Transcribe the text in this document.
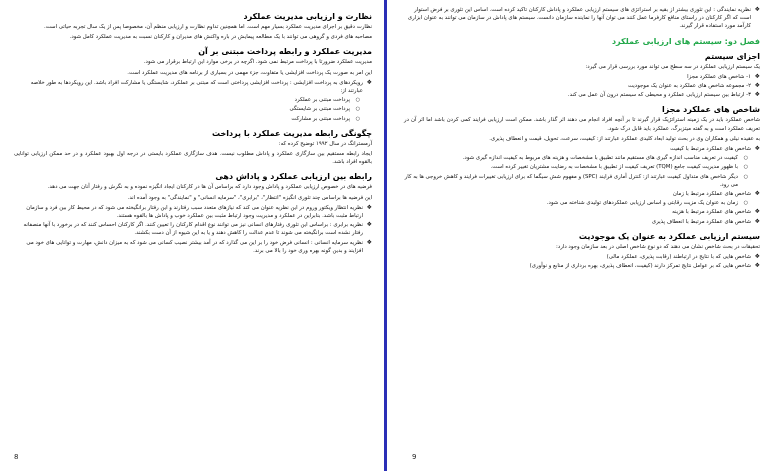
نظارت و ارزیابی مدیریت عملکرد
نظارت دقیق بر اجرای مدیریت عملکرد بسیار مهم است. اما همچنین تداوم نظارت و ارزیابی منظم آن، مخصوصا پس از یک سال تجربه حیاتی است.
مصاحبه های فردی و گروهی می توانند با یک مطالعه پیمایش در باره واکنش های مدیران و کارکنان نسبت به مدیریت عملکرد کامل شود.
مدیریت عملکرد و رابطه پرداخت مبتنی بر آن
مدیریت عملکرد ضرورتا با پرداخت مرتبط نمی شود. اگرچه در برخی موارد این ارتباط برقرار می شود.
این امر به صورت یک پرداخت افزایشی یا متفاوت، جزء مهمی در بسیاری از برنامه های مدیریت عملکرد است.
❖
رویکردهای به پرداخت افزایشی : پرداخت افزایشی پرداختی است که مبتنی بر عملکرد، شایستگی یا مشارکت افراد باشد. این رویکردها به طور خلاصه عبارتند از:
○
پرداخت مبتنی بر عملکرد
○
پرداخت مبتنی بر شایستگی
○
پرداخت مبتنی بر مشارکت
چگونگی رابطه مدیریت عملکرد با پرداخت
آرمسترانگ در سال ۱۹۹۲ توضیح کرده که:
ایجاد رابطه مستقیم بین سازگاری عملکرد و پاداش مطلوب نیست. هدف سازگاری عملکرد بایستی در درجه اول بهبود عملکرد و در حد ممکن ارزیابی توانایی بالقوه افراد باشد.
رابطه بین ارزیابی عملکرد و پاداش دهی
فرضیه های در خصوص ارزیابی عملکرد و پاداش وجود دارد که براساس آن ها در کارکنان ایجاد انگیزه نموده و به نگرش و رفتار آنان جهت می دهد.
این فرضیه ها براساس چند تئوری انگیزه "انتظار"، "برابری"، "سرمایه انسانی" و "نمایندگی" به وجود آمده اند.
❖
نظریه انتظار ویکتور وروم در این نظریه عنوان می کند که نیازهای متعدد سبب رفتارند و این رفتار برانگیخته می شود که در محیط کار بین فرد و سازمان ارتباط مثبت باشد. بنابراین در عملکرد و مدیریت وجود ارتباط مثبت بین عملکرد خوب و پاداش ها بالقوه هستند.
❖
نظریه برابری : براساس این تئوری رفتارهای انسانی نیز می توانند نوع اقدام کارکنان را تعیین کنند. اگر کارکنان احساس کنند که در برخورد با آنها منصفانه رفتار نشده است برانگیخته می شوند تا عدم عدالت را کاهش دهند و یا به این شیوه از آن دست بکشند.
❖
نظریه سرمایه انسانی : انسانی فرض خود را بر این می گذارد که در آمد بیشتر نصیب کسانی می شود که به میزان دانش، مهارت و توانایی های خود می افزایند و بدین گونه بهره وری خود را بالا می برند.
8
❖
نظریه نمایندگی : این تئوری بیشتر از بقیه بر استراتژی های سیستم ارزیابی عملکرد و پاداش کارکنان تاکید کرده است. اساس این تئوری بر فرض استوار است که اگر کارکنان در راستای منافع کارفرما عمل کنند می توان آنها را نماینده سازمان دانست. سیستم های پاداش در سازمان می توانند به عنوان ابزاری کارآمد مورد استفاده قرار گیرند.
فصل دو: سیستم های ارزیابی عملکرد
اجزای سیستم
یک سیستم ارزیابی عملکرد در سه سطح می تواند مورد بررسی قرار می گیرد:
❖
۱- شاخص های عملکرد مجزا
❖
۲- مجموعه شاخص های عملکرد به عنوان یک موجودیت
❖
۳- ارتباط بین سیستم ارزیابی عملکرد و محیطی که سیستم درون آن عمل می کند.
شاخص های عملکرد مجزا
شاخص عملکرد باید در یک زمینه استراتژیک قرار گیرند تا بر آنچه افراد انجام می دهند اثر گذار باشد. ممکن است ارزیابی فرایند کمی کردن باشد اما اثر آن در تعریف عملکرد است و به گفته میتزبرگ، عملکرد باید قابل درک شود.
به عقیده نیلی و همکاران وی در بحث تولید ابعاد کلیدی عملکرد عبارتند از: کیفیت، سرعت، تحویل، قیمت و انعطاف پذیری.
❖
شاخص های عملکرد مرتبط با کیفیت
○
کیفیت در تعریف مناسب اندازه گیری های مستقیم مانند تطبیق با مشخصات و هزینه های مربوط به کیفیت اندازه گیری شود.
○
با ظهور مدیریت کیفیت جامع (TQM) تعریف کیفیت از تطبیق با مشخصات به رضایت مشتریان تغییر کرده است.
○
دیگر شاخص های متداول کیفیت عبارتند از: کنترل آماری فرایند (SPC) و مفهوم شش سیگما که برای ارزیابی تغییرات فرایند و کاهش خروجی ها به کار می رود.
❖
شاخص های عملکرد مرتبط با زمان
○
زمان به عنوان یک مزیت رقابتی و اساس ارزیابی عملکردهای تولیدی شناخته می شود.
❖
شاخص های عملکرد مرتبط با هزینه
❖
شاخص های عملکرد مرتبط با انعطاف پذیری
سیستم ارزیابی عملکرد به عنوان یک موجودیت
تحقیقات در بحث شاخص نشان می دهند که دو نوع شاخص اصلی در بعد سازمان وجود دارد:
❖
شاخص هایی که با نتایج در ارتباطند (رقابت پذیری، عملکرد مالی)
❖
شاخص هایی که بر عوامل نتایج تمرکز دارند (کیفیت، انعطاف پذیری، بهره برداری از منابع و نوآوری)
9
